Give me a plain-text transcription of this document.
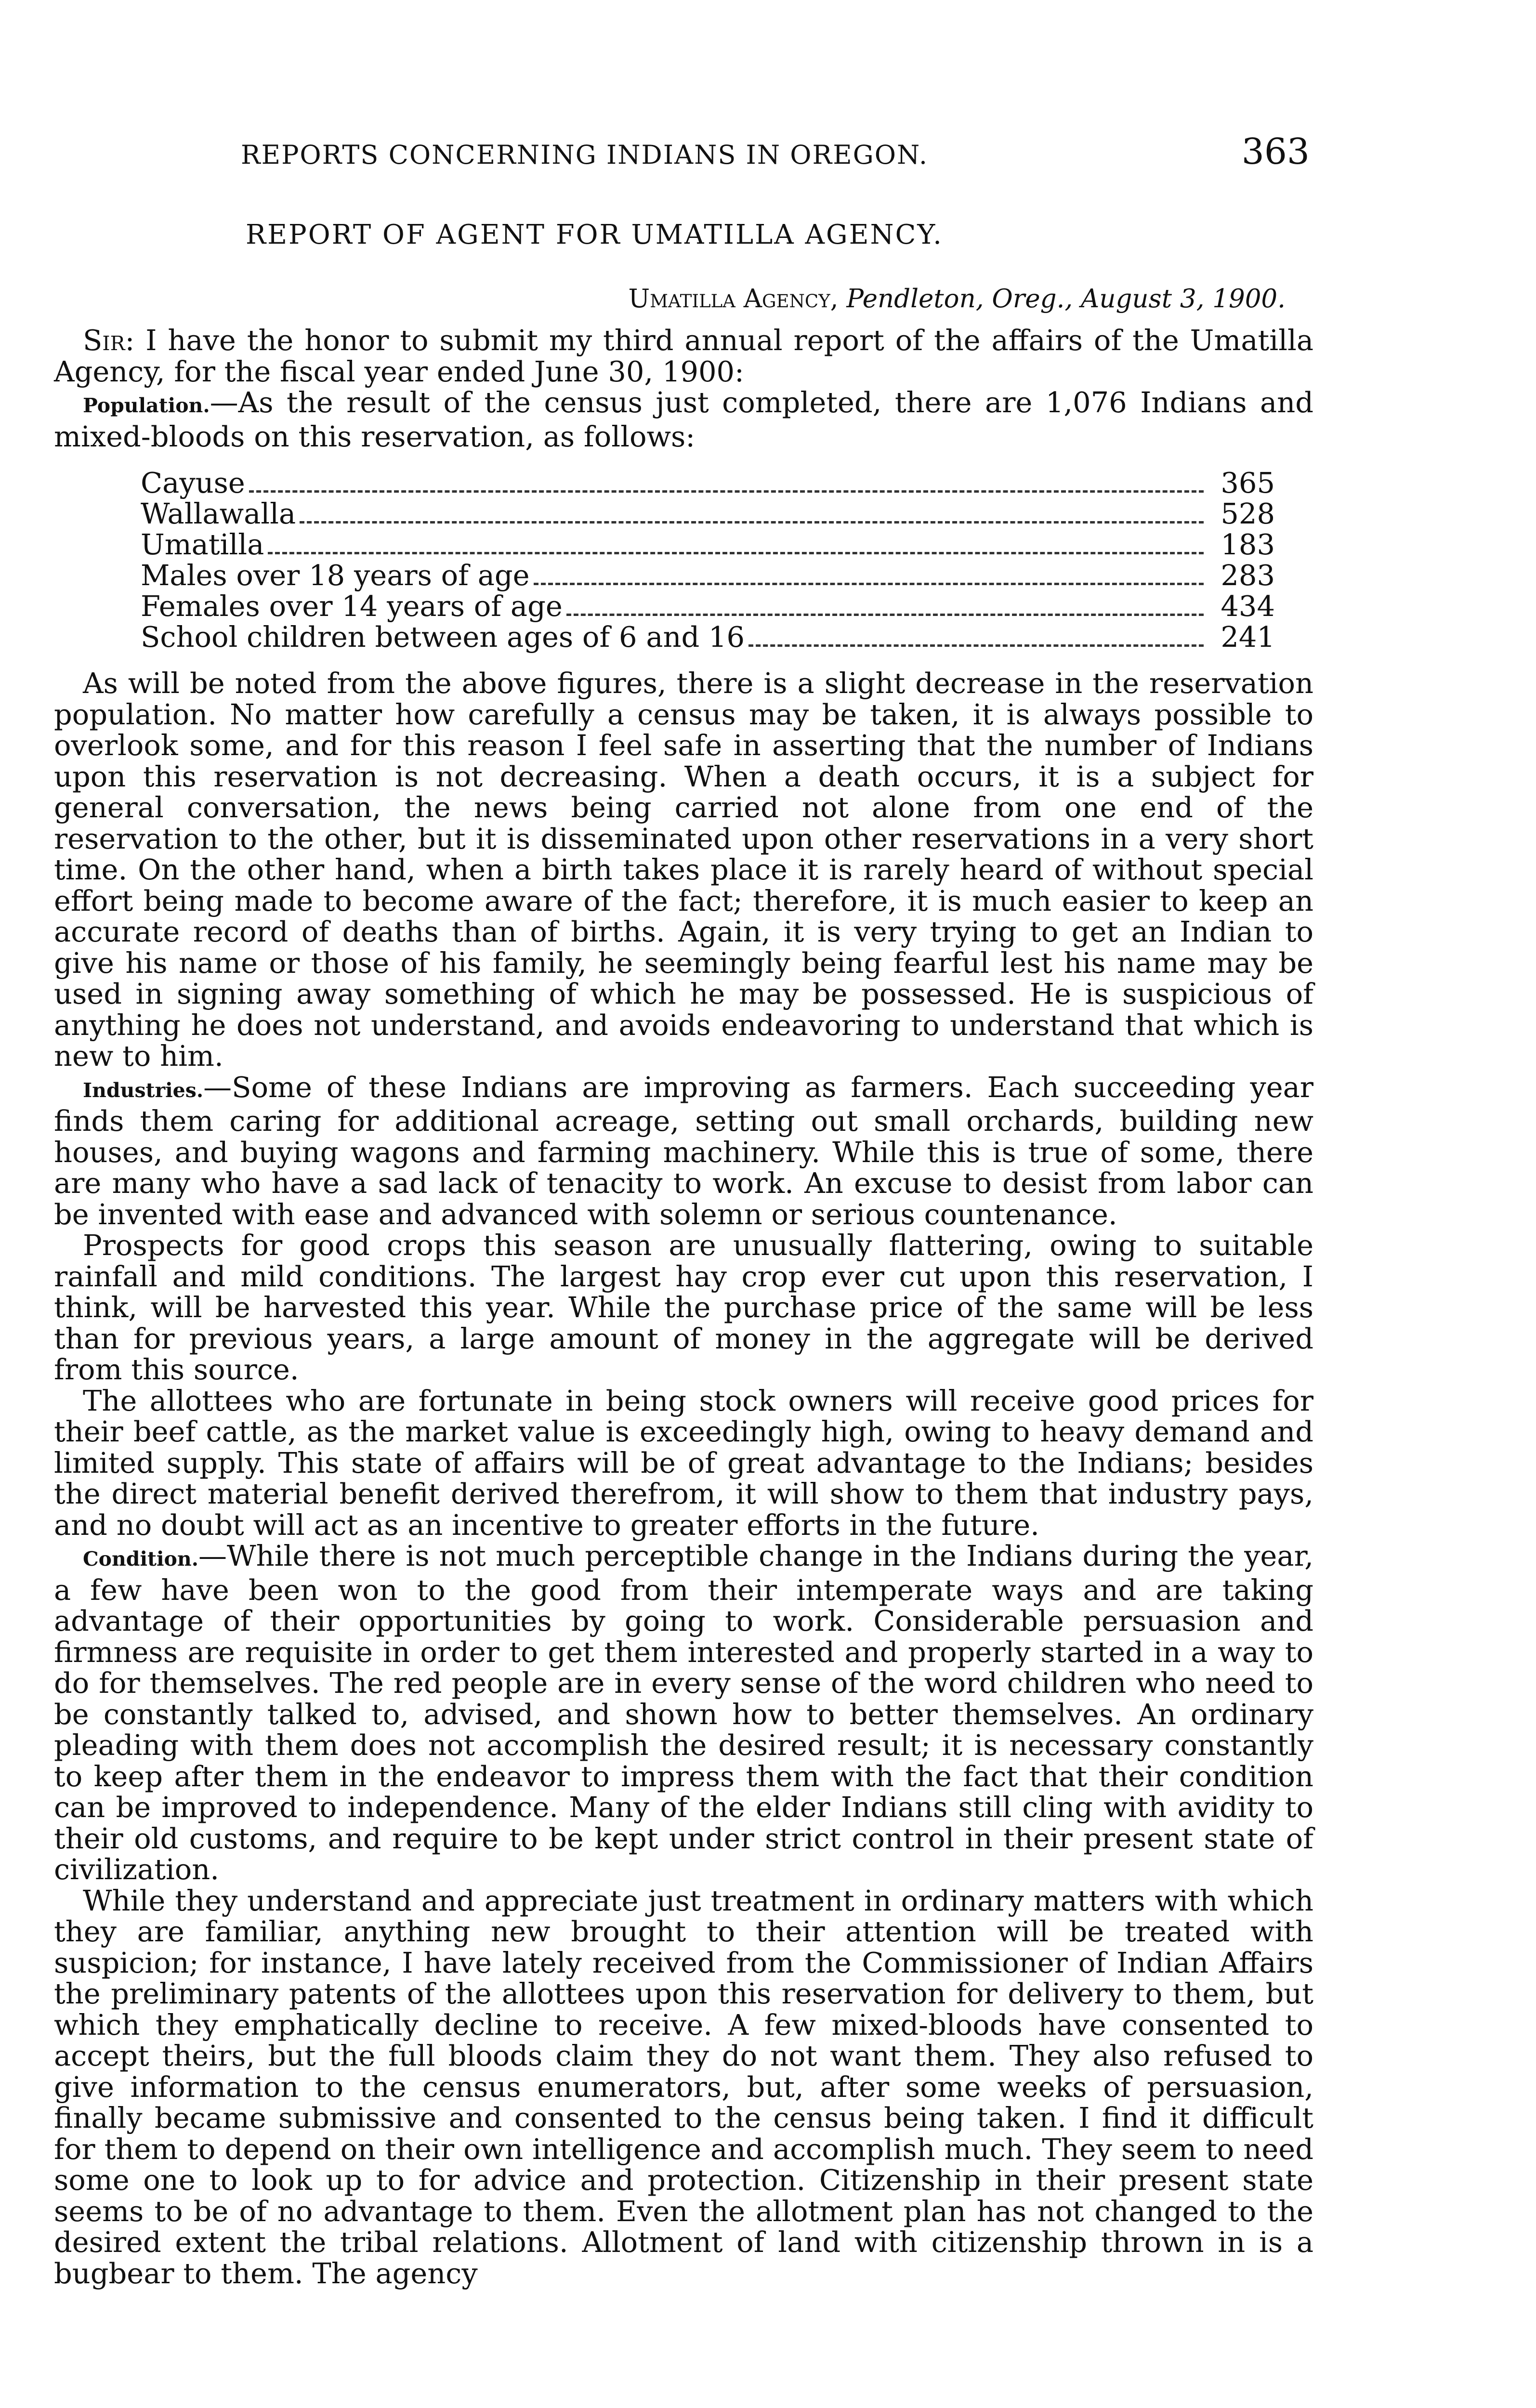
REPORTS CONCERNING INDIANS IN OREGON.	363
REPORT OF AGENT FOR UMATILLA AGENCY.
Umatilla Agency, Pendleton, Oreg., August 3, 1900.

Sir: I have the honor to submit my third annual report of the affairs of the Umatilla Agency, for the fiscal year ended June 30, 1900:

Population.—As the result of the census just completed, there are 1,076 Indians and mixed-bloods on this reservation, as follows:

Cayuse	365
Wallawalla	528
Umatilla	183
Males over 18 years of age	283
Females over 14 years of age	434
School children between ages of 6 and 16	241

As will be noted from the above figures, there is a slight decrease in the reservation population. No matter how carefully a census may be taken, it is always possible to overlook some, and for this reason I feel safe in asserting that the number of Indians upon this reservation is not decreasing. When a death occurs, it is a subject for general conversation, the news being carried not alone from one end of the reservation to the other, but it is disseminated upon other reservations in a very short time. On the other hand, when a birth takes place it is rarely heard of without special effort being made to become aware of the fact; therefore, it is much easier to keep an accurate record of deaths than of births. Again, it is very trying to get an Indian to give his name or those of his family, he seemingly being fearful lest his name may be used in signing away something of which he may be possessed. He is suspicious of anything he does not understand, and avoids endeavoring to understand that which is new to him.

Industries.—Some of these Indians are improving as farmers. Each succeeding year finds them caring for additional acreage, setting out small orchards, building new houses, and buying wagons and farming machinery. While this is true of some, there are many who have a sad lack of tenacity to work. An excuse to desist from labor can be invented with ease and advanced with solemn or serious countenance.

Prospects for good crops this season are unusually flattering, owing to suitable rainfall and mild conditions. The largest hay crop ever cut upon this reservation, I think, will be harvested this year. While the purchase price of the same will be less than for previous years, a large amount of money in the aggregate will be derived from this source.

The allottees who are fortunate in being stock owners will receive good prices for their beef cattle, as the market value is exceedingly high, owing to heavy demand and limited supply. This state of affairs will be of great advantage to the Indians; besides the direct material benefit derived therefrom, it will show to them that industry pays, and no doubt will act as an incentive to greater efforts in the future.

Condition.—While there is not much perceptible change in the Indians during the year, a few have been won to the good from their intemperate ways and are taking advantage of their opportunities by going to work. Considerable persuasion and firmness are requisite in order to get them interested and properly started in a way to do for themselves. The red people are in every sense of the word children who need to be constantly talked to, advised, and shown how to better themselves. An ordinary pleading with them does not accomplish the desired result; it is necessary constantly to keep after them in the endeavor to impress them with the fact that their condition can be improved to independence. Many of the elder Indians still cling with avidity to their old customs, and require to be kept under strict control in their present state of civilization.

While they understand and appreciate just treatment in ordinary matters with which they are familiar, anything new brought to their attention will be treated with suspicion; for instance, I have lately received from the Commissioner of Indian Affairs the preliminary patents of the allottees upon this reservation for delivery to them, but which they emphatically decline to receive. A few mixed-bloods have consented to accept theirs, but the full bloods claim they do not want them. They also refused to give information to the census enumerators, but, after some weeks of persuasion, finally became submissive and consented to the census being taken. I find it difficult for them to depend on their own intelligence and accomplish much. They seem to need some one to look up to for advice and protection. Citizenship in their present state seems to be of no advantage to them. Even the allotment plan has not changed to the desired extent the tribal relations. Allotment of land with citizenship thrown in is a bugbear to them. The agency
